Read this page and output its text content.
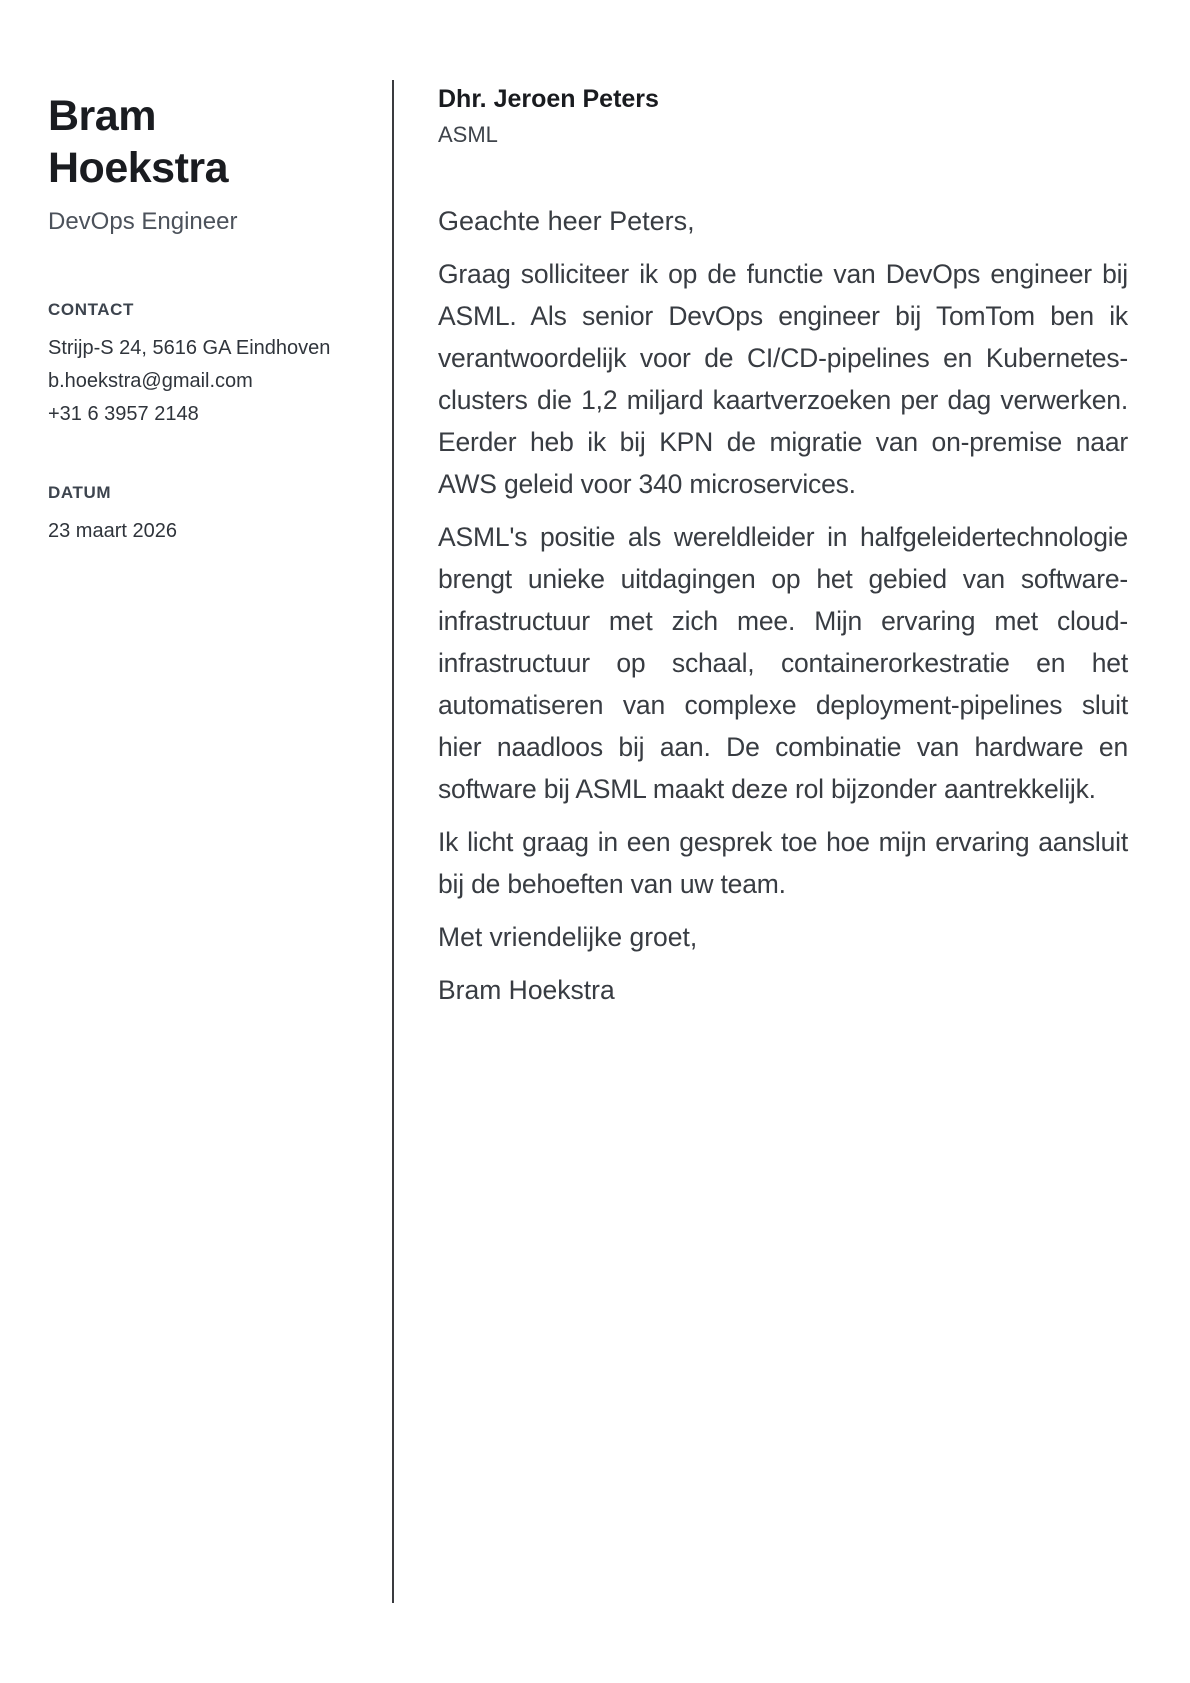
Bram Hoekstra
DevOps Engineer
CONTACT
Strijp-S 24, 5616 GA Eindhoven
b.hoekstra@gmail.com
+31 6 3957 2148
DATUM
23 maart 2026
Dhr. Jeroen Peters
ASML

Geachte heer Peters,

Graag solliciteer ik op de functie van DevOps engineer bij ASML. Als senior DevOps engineer bij TomTom ben ik verantwoordelijk voor de CI/CD-pipelines en Kubernetes-clusters die 1,2 miljard kaartverzoeken per dag verwerken. Eerder heb ik bij KPN de migratie van on-premise naar AWS geleid voor 340 microservices.

ASML's positie als wereldleider in halfgeleidertechnologie brengt unieke uitdagingen op het gebied van software-infrastructuur met zich mee. Mijn ervaring met cloud-infrastructuur op schaal, containerorkestratie en het automatiseren van complexe deployment-pipelines sluit hier naadloos bij aan. De combinatie van hardware en software bij ASML maakt deze rol bijzonder aantrekkelijk.

Ik licht graag in een gesprek toe hoe mijn ervaring aansluit bij de behoeften van uw team.

Met vriendelijke groet,

Bram Hoekstra
